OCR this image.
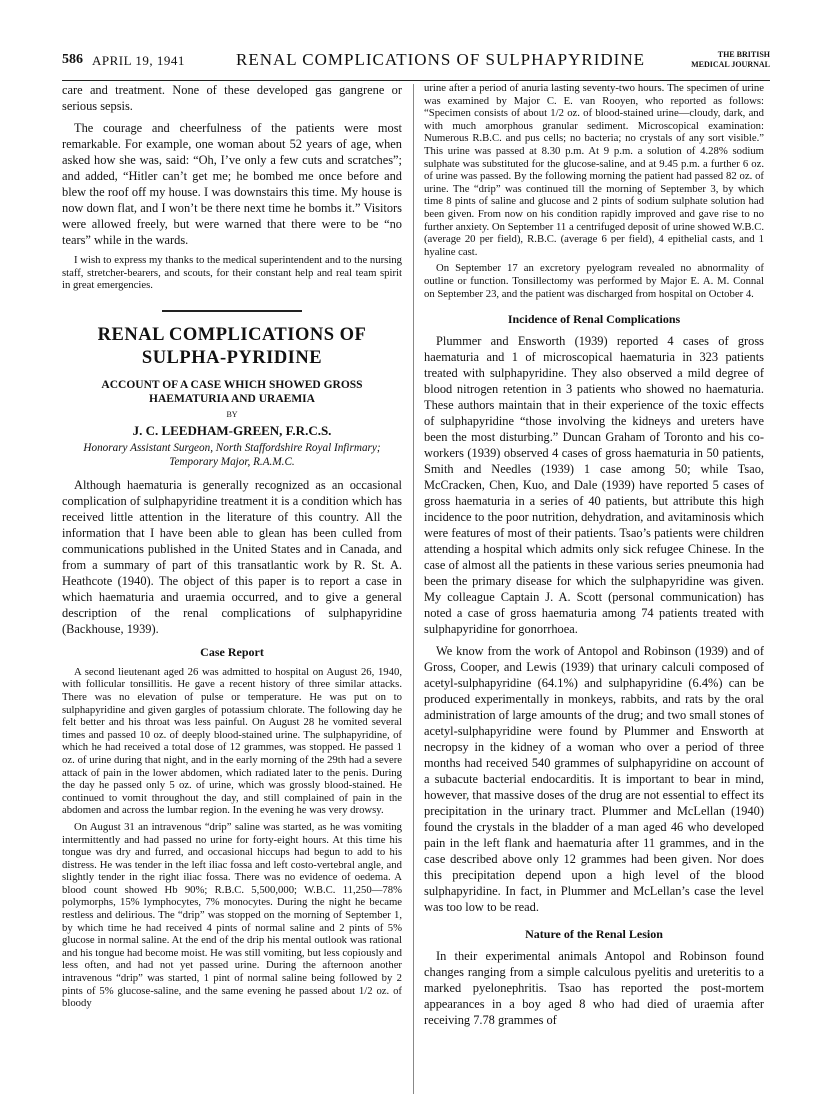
586 APRIL 19, 1941	RENAL COMPLICATIONS OF SULPHAPYRIDINE	THE BRITISH
MEDICAL JOURNAL

care and treatment. None of these developed gas gangrene or serious sepsis.

The courage and cheerfulness of the patients were most remarkable. For example, one woman about 52 years of age, when asked how she was, said: “Oh, I’ve only a few cuts and scratches”; and added, “Hitler can’t get me; he bombed me once before and blew the roof off my house. I was downstairs this time. My house is now down flat, and I won’t be there next time he bombs it.” Visitors were allowed freely, but were warned that there were to be “no tears” while in the wards.

I wish to express my thanks to the medical superintendent and to the nursing staff, stretcher-bearers, and scouts, for their constant help and real team spirit in great emergencies.

RENAL COMPLICATIONS OF SULPHA-PYRIDINE
ACCOUNT OF A CASE WHICH SHOWED GROSS HAEMATURIA AND URAEMIA
BY
J. C. LEEDHAM-GREEN, F.R.C.S.
Honorary Assistant Surgeon, North Staffordshire Royal Infirmary; Temporary Major, R.A.M.C.

Although haematuria is generally recognized as an occasional complication of sulphapyridine treatment it is a condition which has received little attention in the literature of this country. All the information that I have been able to glean has been culled from communications published in the United States and in Canada, and from a summary of part of this transatlantic work by R. St. A. Heathcote (1940). The object of this paper is to report a case in which haematuria and uraemia occurred, and to give a general description of the renal complications of sulphapyridine (Backhouse, 1939).

Case Report

A second lieutenant aged 26 was admitted to hospital on August 26, 1940, with follicular tonsillitis. He gave a recent history of three similar attacks. There was no elevation of pulse or temperature. He was put on to sulphapyridine and given gargles of potassium chlorate. The following day he felt better and his throat was less painful. On August 28 he vomited several times and passed 10 oz. of deeply blood-stained urine. The sulphapyridine, of which he had received a total dose of 12 grammes, was stopped. He passed 1 oz. of urine during that night, and in the early morning of the 29th had a severe attack of pain in the lower abdomen, which radiated later to the penis. During the day he passed only 5 oz. of urine, which was grossly blood-stained. He continued to vomit throughout the day, and still complained of pain in the abdomen and across the lumbar region. In the evening he was very drowsy.

On August 31 an intravenous “drip” saline was started, as he was vomiting intermittently and had passed no urine for forty-eight hours. At this time his tongue was dry and furred, and occasional hiccups had begun to add to his distress. He was tender in the left iliac fossa and left costo-vertebral angle, and slightly tender in the right iliac fossa. There was no evidence of oedema. A blood count showed Hb 90%; R.B.C. 5,500,000; W.B.C. 11,250—78% polymorphs, 15% lymphocytes, 7% monocytes. During the night he became restless and delirious. The “drip” was stopped on the morning of September 1, by which time he had received 4 pints of normal saline and 2 pints of 5% glucose in normal saline. At the end of the drip his mental outlook was rational and his tongue had become moist. He was still vomiting, but less copiously and less often, and had not yet passed urine. During the afternoon another intravenous “drip” was started, 1 pint of normal saline being followed by 2 pints of 5% glucose-saline, and the same evening he passed about 1/2 oz. of bloody

urine after a period of anuria lasting seventy-two hours. The specimen of urine was examined by Major C. E. van Rooyen, who reported as follows: “Specimen consists of about 1/2 oz. of blood-stained urine—cloudy, dark, and with much amorphous granular sediment. Microscopical examination: Numerous R.B.C. and pus cells; no bacteria; no crystals of any sort visible.” This urine was passed at 8.30 p.m. At 9 p.m. a solution of 4.28% sodium sulphate was substituted for the glucose-saline, and at 9.45 p.m. a further 6 oz. of urine was passed. By the following morning the patient had passed 82 oz. of urine. The “drip” was continued till the morning of September 3, by which time 8 pints of saline and glucose and 2 pints of sodium sulphate solution had been given. From now on his condition rapidly improved and gave rise to no further anxiety. On September 11 a centrifuged deposit of urine showed W.B.C. (average 20 per field), R.B.C. (average 6 per field), 4 epithelial casts, and 1 hyaline cast.

On September 17 an excretory pyelogram revealed no abnormality of outline or function. Tonsillectomy was performed by Major E. A. M. Connal on September 23, and the patient was discharged from hospital on October 4.

Incidence of Renal Complications

Plummer and Ensworth (1939) reported 4 cases of gross haematuria and 1 of microscopical haematuria in 323 patients treated with sulphapyridine. They also observed a mild degree of blood nitrogen retention in 3 patients who showed no haematuria. These authors maintain that in their experience of the toxic effects of sulphapyridine “those involving the kidneys and ureters have been the most disturbing.” Duncan Graham of Toronto and his co-workers (1939) observed 4 cases of gross haematuria in 50 patients, Smith and Needles (1939) 1 case among 50; while Tsao, McCracken, Chen, Kuo, and Dale (1939) have reported 5 cases of gross haematuria in a series of 40 patients, but attribute this high incidence to the poor nutrition, dehydration, and avitaminosis which were features of most of their patients. Tsao’s patients were children attending a hospital which admits only sick refugee Chinese. In the case of almost all the patients in these various series pneumonia had been the primary disease for which the sulphapyridine was given. My colleague Captain J. A. Scott (personal communication) has noted a case of gross haematuria among 74 patients treated with sulphapyridine for gonorrhoea.

We know from the work of Antopol and Robinson (1939) and of Gross, Cooper, and Lewis (1939) that urinary calculi composed of acetyl-sulphapyridine (64.1%) and sulphapyridine (6.4%) can be produced experimentally in monkeys, rabbits, and rats by the oral administration of large amounts of the drug; and two small stones of acetyl-sulphapyridine were found by Plummer and Ensworth at necropsy in the kidney of a woman who over a period of three months had received 540 grammes of sulphapyridine on account of a subacute bacterial endocarditis. It is important to bear in mind, however, that massive doses of the drug are not essential to effect its precipitation in the urinary tract. Plummer and McLellan (1940) found the crystals in the bladder of a man aged 46 who developed pain in the left flank and haematuria after 11 grammes, and in the case described above only 12 grammes had been given. Nor does this precipitation depend upon a high level of the blood sulphapyridine. In fact, in Plummer and McLellan’s case the level was too low to be read.

Nature of the Renal Lesion

In their experimental animals Antopol and Robinson found changes ranging from a simple calculous pyelitis and ureteritis to a marked pyelonephritis. Tsao has reported the post-mortem appearances in a boy aged 8 who had died of uraemia after receiving 7.78 grammes of
